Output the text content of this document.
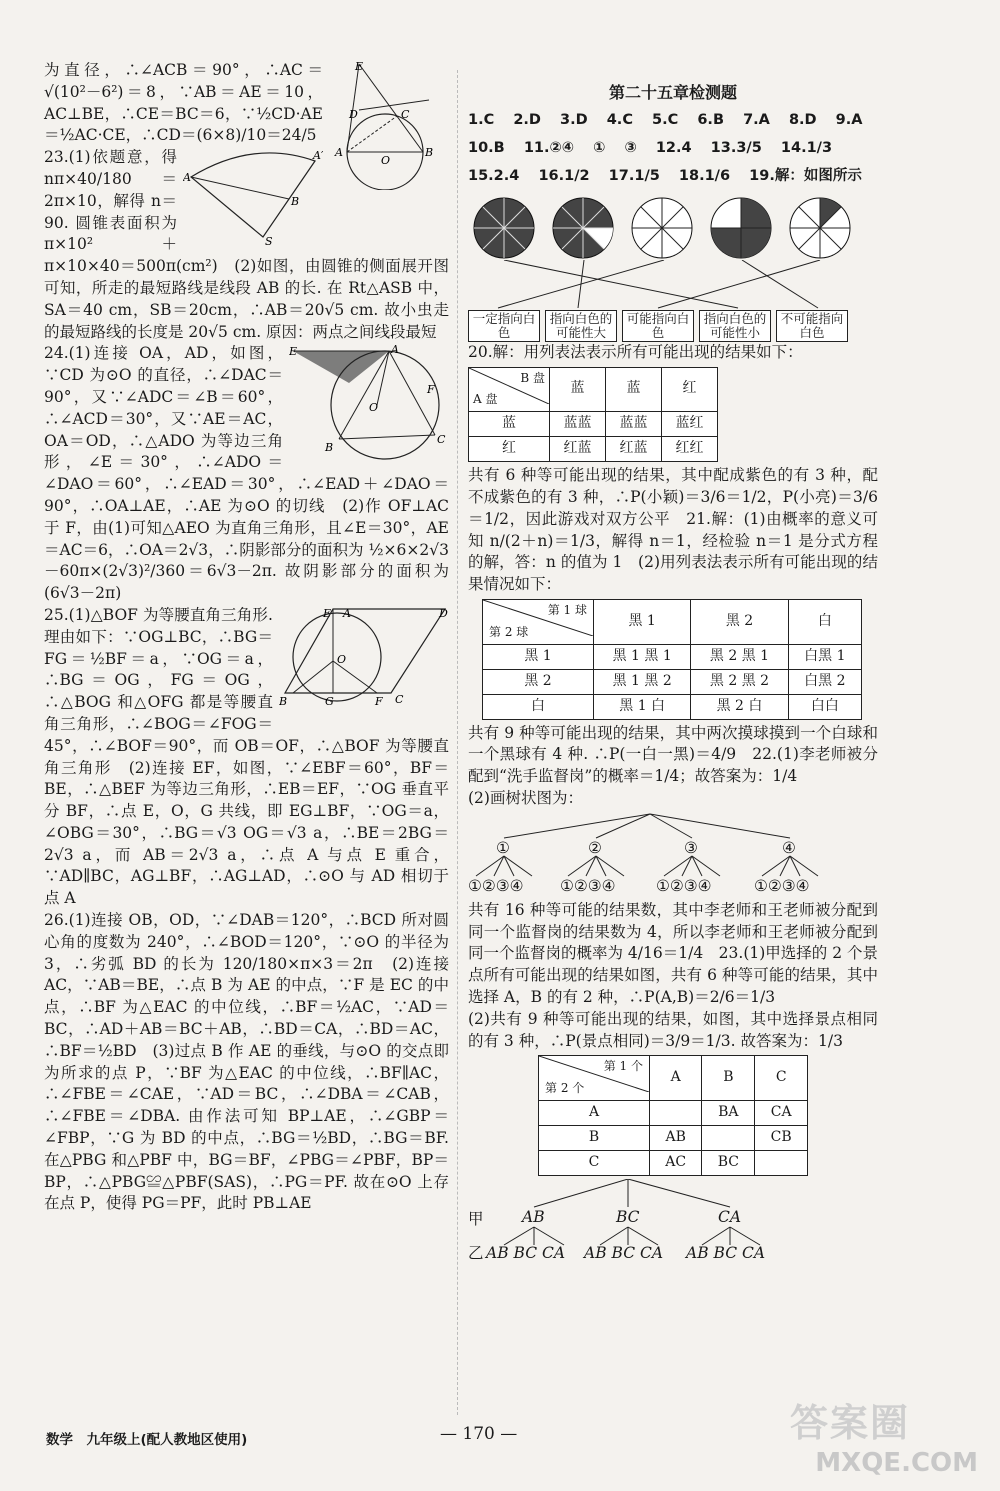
E
D	C
A
O
B

为直径，∴∠ACB＝90°，∴AC＝√(10²－6²)＝8，∵AB＝AE＝10，AC⊥BE，∴CE＝BC＝6，∵½CD·AE＝½AC·CE，∴CD＝(6×8)/10＝24/5

A
A′
B
S

23.(1)依题意，得 nπ×40/180＝2π×10，解得 n＝90. 圆锥表面积为 π×10²＋π×10×40＝500π(cm²)　(2)如图，由圆锥的侧面展开图可知，所走的最短路线是线段 AB 的长. 在 Rt△ASB 中，SA＝40 cm，SB＝20cm，∴AB＝20√5 cm. 故小虫走的最短路线的长度是 20√5 cm. 原因：两点之间线段最短

E	A
F
C
B
O

24.(1)连接 OA，AD，如图，∵CD 为⊙O 的直径，∴∠DAC＝90°，又∵∠ADC＝∠B＝60°，∴∠ACD＝30°，又∵AE＝AC，OA＝OD，∴△ADO 为等边三角形，∠E＝30°，∴∠ADO＝∠DAO＝60°，∴∠EAD＝30°，∴∠EAD＋∠DAO＝90°，∴OA⊥AE，∴AE 为⊙O 的切线　(2)作 OF⊥AC 于 F，由(1)可知△AEO 为直角三角形，且∠E＝30°，AE＝AC＝6，∴OA＝2√3，∴阴影部分的面积为 ½×6×2√3－60π×(2√3)²/360＝6√3－2π. 故阴影部分的面积为(6√3－2π)

E A	D
O
B	G	F C

25.(1)△BOF 为等腰直角三角形. 理由如下：∵OG⊥BC，∴BG＝FG＝½BF＝a，∵OG＝a，∴BG＝OG，FG＝OG，∴△BOG 和△OFG 都是等腰直角三角形，∴∠BOG＝∠FOG＝45°，∴∠BOF＝90°，而 OB＝OF，∴△BOF 为等腰直角三角形　(2)连接 EF，如图，∵∠EBF＝60°，BF＝BE，∴△BEF 为等边三角形，∴EB＝EF，∵OG 垂直平分 BF，∴点 E，O，G 共线，即 EG⊥BF，∵OG＝a，∠OBG＝30°，∴BG＝√3 OG＝√3 a，∴BE＝2BG＝2√3 a，而 AB＝2√3 a，∴点 A 与点 E 重合，∵AD∥BC，AG⊥BF，∴AG⊥AD，∴⊙O 与 AD 相切于点 A

26.(1)连接 OB，OD，∵∠DAB＝120°，∴BCD 所对圆心角的度数为 240°，∴∠BOD＝120°，∵⊙O 的半径为 3，∴劣弧 BD 的长为 120/180×π×3＝2π　(2)连接 AC，∵AB＝BE，∴点 B 为 AE 的中点，∵F 是 EC 的中点，∴BF 为△EAC 的中位线，∴BF＝½AC，∵AD＝BC，∴AD＋AB＝BC＋AB，∴BD＝CA，∴BD＝AC，∴BF＝½BD　(3)过点 B 作 AE 的垂线，与⊙O 的交点即为所求的点 P，∵BF 为△EAC 的中位线，∴BF∥AC，∴∠FBE＝∠CAE，∵AD＝BC，∴∠DBA＝∠CAB，∴∠FBE＝∠DBA. 由作法可知 BP⊥AE，∴∠GBP＝∠FBP，∵G 为 BD 的中点，∴BG＝½BD，∴BG＝BF. 在△PBG 和△PBF 中，BG＝BF，∠PBG＝∠PBF，BP＝BP，∴△PBG≌△PBF(SAS)，∴PG＝PF. 故在⊙O 上存在点 P，使得 PG＝PF，此时 PB⊥AE

第二十五章检测题
1.C 2.D 3.D 4.C 5.C 6.B 7.A 8.D 9.A 10.B 11.②④ ① ③ 12.4 13.3/5 14.1/3 15.2.4 16.1/2 17.1/5 18.1/6 19.解：如图所示
一定指向白色
指向白色的可能性大
可能指向白色
指向白色的可能性小
不可能指向白色

20.解：用列表法表示所有可能出现的结果如下：

B 盘
A 盘	蓝	蓝	红
蓝	蓝蓝	蓝蓝	蓝红
红	红蓝	红蓝	红红

共有 6 种等可能出现的结果，其中配成紫色的有 3 种，配不成紫色的有 3 种，∴P(小颖)＝3/6＝1/2，P(小亮)＝3/6＝1/2，因此游戏对双方公平　21.解：(1)由概率的意义可知 n/(2＋n)＝1/3，解得 n＝1，经检验 n＝1 是分式方程的解，答：n 的值为 1　(2)用列表法表示所有可能出现的结果情况如下：

第 1 球
第 2 球	黑 1	黑 2	白
黑 1	黑 1 黑 1	黑 2 黑 1	白黑 1
黑 2	黑 1 黑 2	黑 2 黑 2	白黑 2
白	黑 1 白	黑 2 白	白白

共有 9 种等可能出现的结果，其中两次摸球摸到一个白球和一个黑球有 4 种. ∴P(一白一黑)＝4/9　22.(1)李老师被分配到“洗手监督岗”的概率＝1/4；故答案为：1/4

(2)画树状图为：

①	②	③	④
①②③④ ①②③④	①②③④	①②③④

共有 16 种等可能的结果数，其中李老师和王老师被分配到同一个监督岗的结果数为 4，所以李老师和王老师被分配到同一个监督岗的概率为 4/16＝1/4　23.(1)甲选择的 2 个景点所有可能出现的结果如图，共有 6 种等可能的结果，其中选择 A，B 的有 2 种，∴P(A,B)＝2/6＝1/3

(2)共有 9 种等可能出现的结果，如图，其中选择景点相同的有 3 种，∴P(景点相同)＝3/9＝1/3. 故答案为：1/3

第 1 个
第 2 个	A	B	C
A		BA	CA
B	AB		CB
C	AC	BC	
甲 AB	BC	CA
乙 AB BC CA AB BC CA AB BC CA
数学　九年级上(配人教地区使用)	— 170 —	答案圈
MXQE.COM
